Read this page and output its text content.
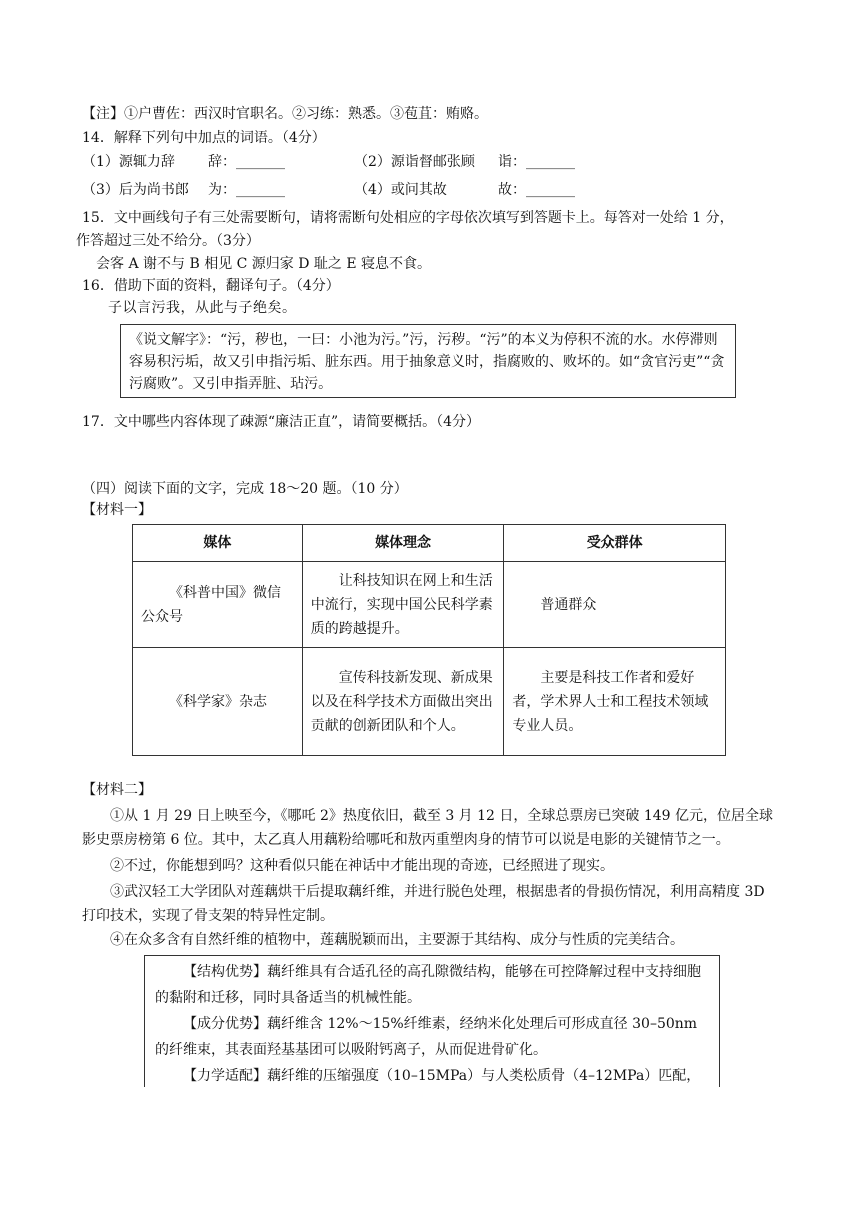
【注】①户曹佐：西汉时官职名。②习练：熟悉。③苞苴：贿赂。
14．解释下列句中加点的词语。（4分）
（1）源辄力辞 辞：_______	（2）源诣督邮张顾 诣：_______
（3）后为尚书郎 为：_______	（4）或问其故	故：_______
15．文中画线句子有三处需要断句，请将需断句处相应的字母依次填写到答题卡上。每答对一处给 1 分，
作答超过三处不给分。（3分）
会客 A 谢不与 B 相见 C 源归家 D 耻之 E 寝息不食。
16．借助下面的资料，翻译句子。（4分）
子以言污我，从此与子绝矣。
《说文解字》：“污，秽也，一曰：小池为污。”污，污秽。“污”的本义为停积不流的水。水停滞则容易积污垢，故又引申指污垢、脏东西。用于抽象意义时，指腐败的、败坏的。如“贪官污吏”“贪污腐败”。又引申指弄脏、玷污。
17．文中哪些内容体现了疎源“廉洁正直”，请简要概括。（4分）
（四）阅读下面的文字，完成 18～20 题。（10 分）
【材料一】
媒体	媒体理念	受众群体
《科普中国》微信公众号	让科技知识在网上和生活中流行，实现中国公民科学素质的跨越提升。	普通群众
《科学家》杂志	宣传科技新发现、新成果以及在科学技术方面做出突出贡献的创新团队和个人。	主要是科技工作者和爱好者，学术界人士和工程技术领域专业人员。
【材料二】
①从 1 月 29 日上映至今，《哪吒 2》热度依旧，截至 3 月 12 日，全球总票房已突破 149 亿元，位居全球影史票房榜第 6 位。其中，太乙真人用藕粉给哪吒和敖丙重塑肉身的情节可以说是电影的关键情节之一。
②不过，你能想到吗？这种看似只能在神话中才能出现的奇迹，已经照进了现实。
③武汉轻工大学团队对莲藕烘干后提取藕纤维，并进行脱色处理，根据患者的骨损伤情况，利用高精度 3D 打印技术，实现了骨支架的特异性定制。
④在众多含有自然纤维的植物中，莲藕脱颖而出，主要源于其结构、成分与性质的完美结合。

【结构优势】藕纤维具有合适孔径的高孔隙微结构，能够在可控降解过程中支持细胞的黏附和迁移，同时具备适当的机械性能。

【成分优势】藕纤维含 12%～15%纤维素，经纳米化处理后可形成直径 30–50nm 的纤维束，其表面羟基基团可以吸附钙离子，从而促进骨矿化。

【力学适配】藕纤维的压缩强度（10–15MPa）与人类松质骨（4–12MPa）匹配，
